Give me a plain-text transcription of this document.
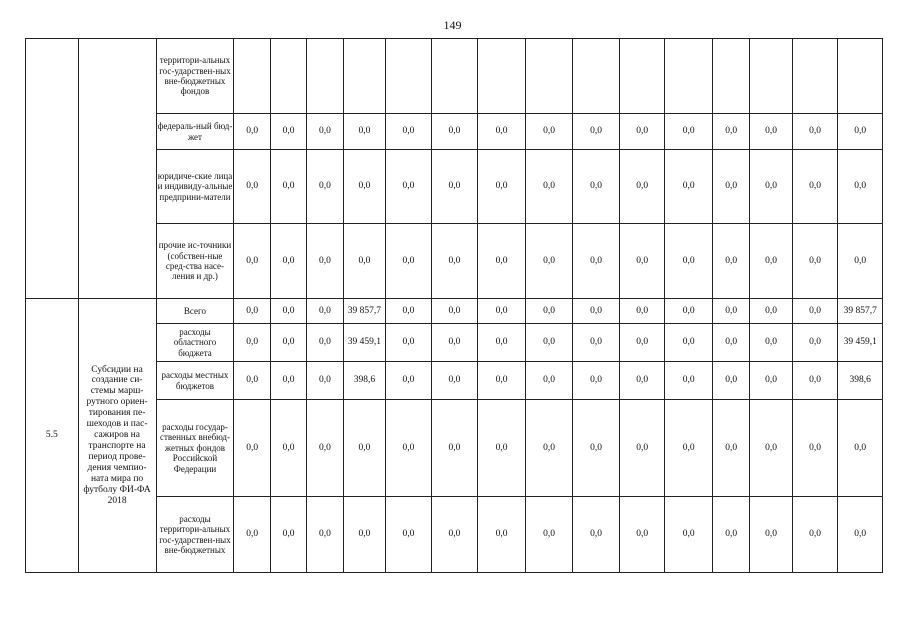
149
		территори-альных гос-ударствен-ных вне-бюджетных фондов															
		федераль-ный бюд-жет	0,0	0,0	0,0	0,0	0,0	0,0	0,0	0,0	0,0	0,0	0,0	0,0	0,0	0,0	0,0
		юридиче-ские лица и индивиду-альные предприни-матели	0,0	0,0	0,0	0,0	0,0	0,0	0,0	0,0	0,0	0,0	0,0	0,0	0,0	0,0	0,0
		прочие ис-точники (собствен-ные сред-ства насе-ления и др.)	0,0	0,0	0,0	0,0	0,0	0,0	0,0	0,0	0,0	0,0	0,0	0,0	0,0	0,0	0,0
5.5	Субсидии на создание си-стемы марш-рутного ориен-тирования пе-шеходов и пас-сажиров на транспорте на период прове-дения чемпио-ната мира по футболу ФИ-ФА 2018	Всего	0,0	0,0	0,0	39 857,7	0,0	0,0	0,0	0,0	0,0	0,0	0,0	0,0	0,0	0,0	39 857,7
		расходы областного бюджета	0,0	0,0	0,0	39 459,1	0,0	0,0	0,0	0,0	0,0	0,0	0,0	0,0	0,0	0,0	39 459,1
		расходы местных бюджетов	0,0	0,0	0,0	398,6	0,0	0,0	0,0	0,0	0,0	0,0	0,0	0,0	0,0	0,0	398,6
		расходы государ-ственных внебюд-жетных фондов Российской Федерации	0,0	0,0	0,0	0,0	0,0	0,0	0,0	0,0	0,0	0,0	0,0	0,0	0,0	0,0	0,0
		расходы территори-альных гос-ударствен-ных вне-бюджетных	0,0	0,0	0,0	0,0	0,0	0,0	0,0	0,0	0,0	0,0	0,0	0,0	0,0	0,0	0,0
